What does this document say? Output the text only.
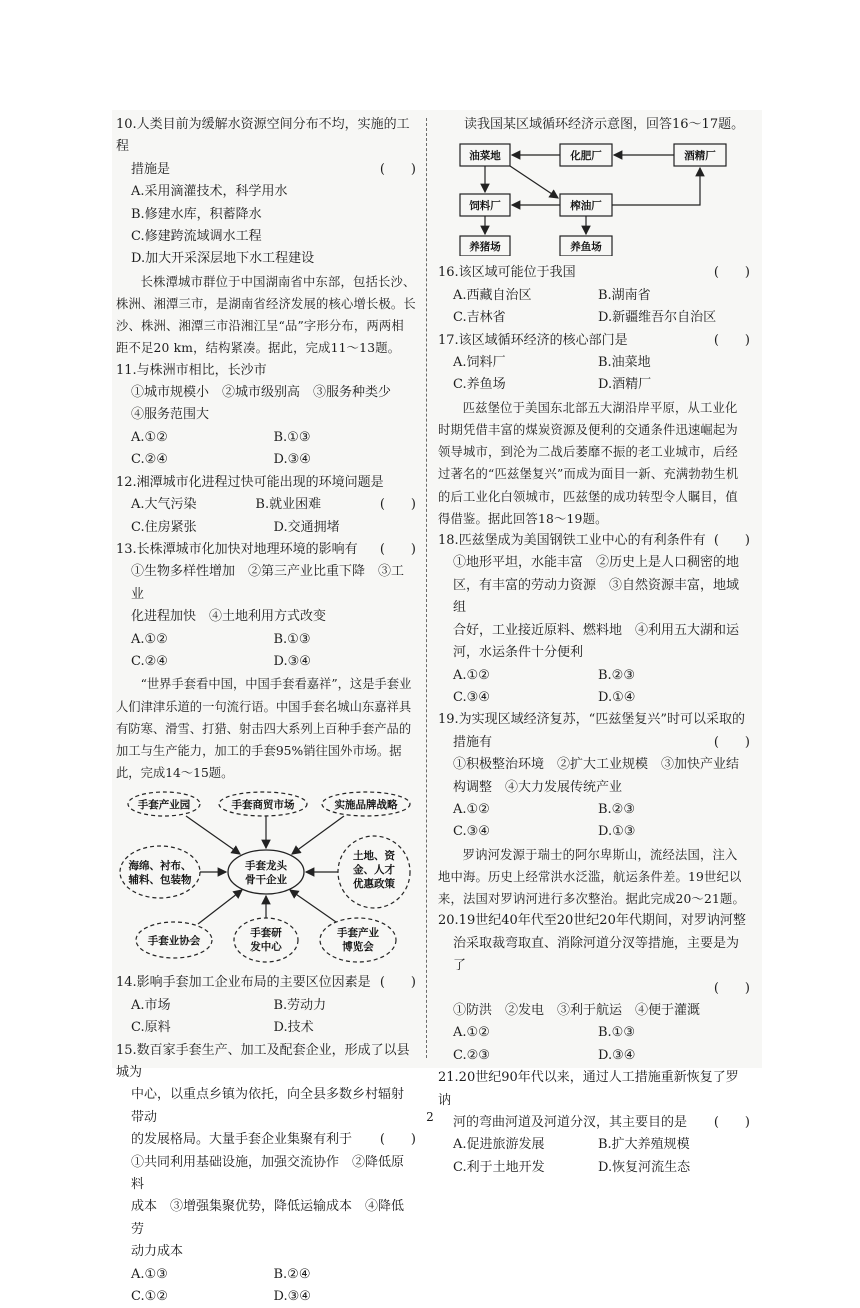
10.人类目前为缓解水资源空间分布不均，实施的工程

措施是	(　　)

A.采用滴灌技术，科学用水

B.修建水库，积蓄降水

C.修建跨流域调水工程

D.加大开采深层地下水工程建设

长株潭城市群位于中国湖南省中东部，包括长沙、株洲、湘潭三市，是湖南省经济发展的核心增长极。长沙、株洲、湘潭三市沿湘江呈“品”字形分布，两两相距不足20 km，结构紧凑。据此，完成11～13题。

11.与株洲市相比，长沙市

①城市规模小　②城市级别高　③服务种类少

④服务范围大

A.①②	B.①③
C.②④	D.③④

12.湘潭城市化进程过快可能出现的环境问题是
(　　)

A.大气污染	B.就业困难
C.住房紧张	D.交通拥堵

13.长株潭城市化加快对地理环境的影响有 (　　)

①生物多样性增加　②第三产业比重下降　③工业

化进程加快　④土地利用方式改变

A.①②	B.①③
C.②④	D.③④

“世界手套看中国，中国手套看嘉祥”，这是手套业人们津津乐道的一句流行语。中国手套名城山东嘉祥具有防寒、滑雪、打猎、射击四大系列上百种手套产品的加工与生产能力，加工的手套95%销往国外市场。据此，完成14～15题。

手套龙头
骨干企业
手套产业园	手套商贸市场	实施品牌战略
海绵、衬布、
辅料、包装物
土地、资
金、人才
优惠政策
手套业协会
手套研
发中心
手套产业
博览会

14.影响手套加工企业布局的主要区位因素是 (　　)

A.市场	B.劳动力
C.原料	D.技术

15.数百家手套生产、加工及配套企业，形成了以县城为

中心，以重点乡镇为依托，向全县多数乡村辐射带动

的发展格局。大量手套企业集聚有利于 (　　)

①共同利用基础设施，加强交流协作　②降低原料

成本　③增强集聚优势，降低运输成本　④降低劳

动力成本

A.①③	B.②④
C.①②	D.③④

读我国某区域循环经济示意图，回答16～17题。

油菜地	化肥厂	酒精厂
饲料厂	榨油厂
养猪场	养鱼场

16.该区域可能位于我国	(　　)

A.西藏自治区	B.湖南省
C.吉林省	D.新疆维吾尔自治区

17.该区域循环经济的核心部门是	(　　)

A.饲料厂	B.油菜地
C.养鱼场	D.酒精厂

匹兹堡位于美国东北部五大湖沿岸平原，从工业化时期凭借丰富的煤炭资源及便利的交通条件迅速崛起为领导城市，到沦为二战后萎靡不振的老工业城市，后经过著名的“匹兹堡复兴”而成为面目一新、充满勃勃生机的后工业化白领城市，匹兹堡的成功转型令人瞩目，值得借鉴。据此回答18～19题。

18.匹兹堡成为美国钢铁工业中心的有利条件有 (　　)

①地形平坦，水能丰富　②历史上是人口稠密的地

区，有丰富的劳动力资源　③自然资源丰富，地域组

合好，工业接近原料、燃料地　④利用五大湖和运

河，水运条件十分便利

A.①②	B.②③
C.③④	D.①④

19.为实现区域经济复苏，“匹兹堡复兴”时可以采取的

措施有	(　　)

①积极整治环境　②扩大工业规模　③加快产业结

构调整　④大力发展传统产业

A.①②	B.②③
C.③④	D.①③

罗讷河发源于瑞士的阿尔卑斯山，流经法国，注入地中海。历史上经常洪水泛滥，航运条件差。19世纪以来，法国对罗讷河进行多次整治。据此完成20～21题。

20.19世纪40年代至20世纪20年代期间，对罗讷河整

治采取裁弯取直、消除河道分汊等措施，主要是为了

(　　)

①防洪　②发电　③利于航运　④便于灌溉

A.①②	B.①③
C.②③	D.③④

21.20世纪90年代以来，通过人工措施重新恢复了罗讷

河的弯曲河道及河道分汊，其主要目的是 (　　)

A.促进旅游发展	B.扩大养殖规模
C.利于土地开发	D.恢复河流生态
2
